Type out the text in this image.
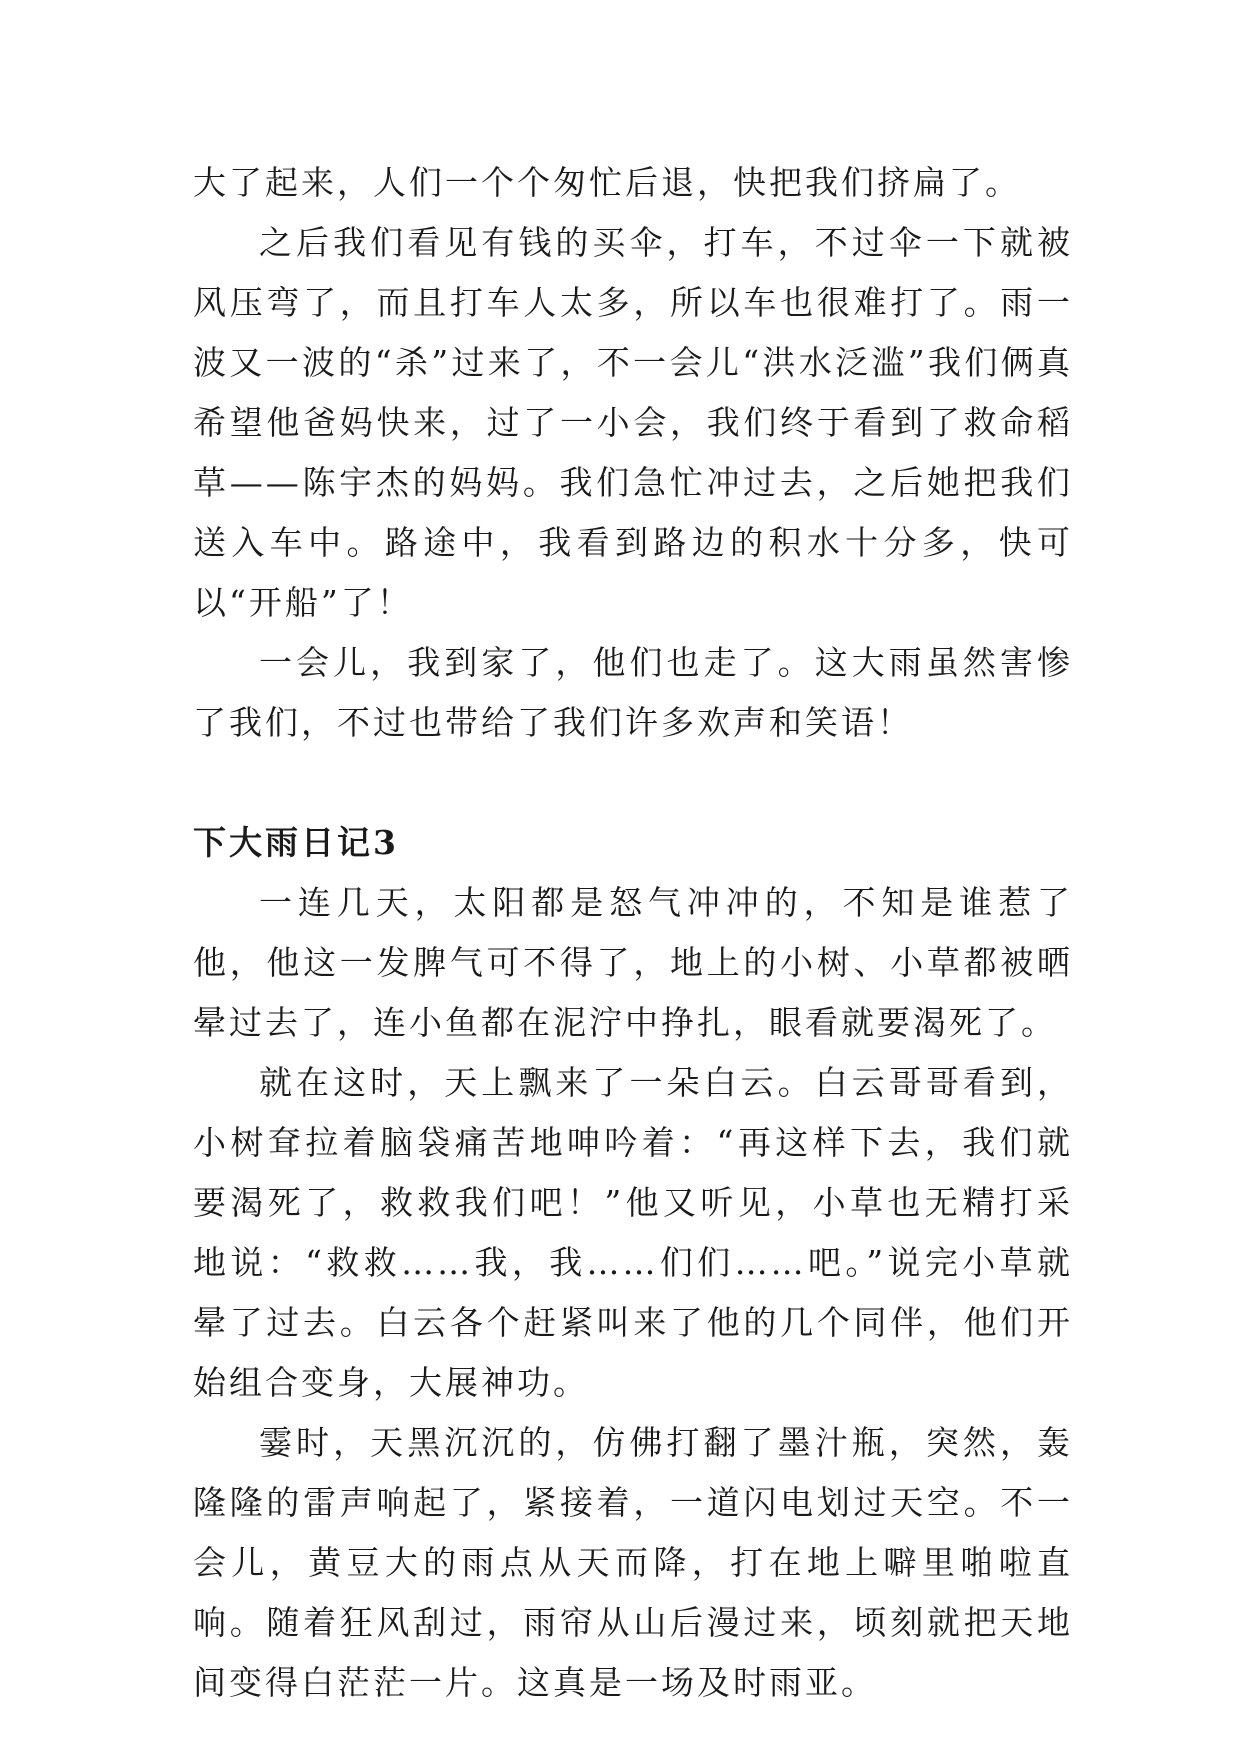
大了起来，人们一个个匆忙后退，快把我们挤扁了。

之后我们看见有钱的买伞，打车，不过伞一下就被风压弯了，而且打车人太多，所以车也很难打了。雨一波又一波的“杀”过来了，不一会儿“洪水泛滥”我们俩真希望他爸妈快来，过了一小会，我们终于看到了救命稻草——陈宇杰的妈妈。我们急忙冲过去，之后她把我们送入车中。路途中，我看到路边的积水十分多，快可以“开船”了！

一会儿，我到家了，他们也走了。这大雨虽然害惨了我们，不过也带给了我们许多欢声和笑语！

下大雨日记3

一连几天，太阳都是怒气冲冲的，不知是谁惹了他，他这一发脾气可不得了，地上的小树、小草都被晒晕过去了，连小鱼都在泥泞中挣扎，眼看就要渴死了。

就在这时，天上飘来了一朵白云。白云哥哥看到，小树耷拉着脑袋痛苦地呻吟着：“再这样下去，我们就要渴死了，救救我们吧！”他又听见，小草也无精打采地说：“救救……我，我……们们……吧。”说完小草就晕了过去。白云各个赶紧叫来了他的几个同伴，他们开始组合变身，大展神功。

霎时，天黑沉沉的，仿佛打翻了墨汁瓶，突然，轰隆隆的雷声响起了，紧接着，一道闪电划过天空。不一会儿，黄豆大的雨点从天而降，打在地上噼里啪啦直响。随着狂风刮过，雨帘从山后漫过来，顷刻就把天地间变得白茫茫一片。这真是一场及时雨亚。
